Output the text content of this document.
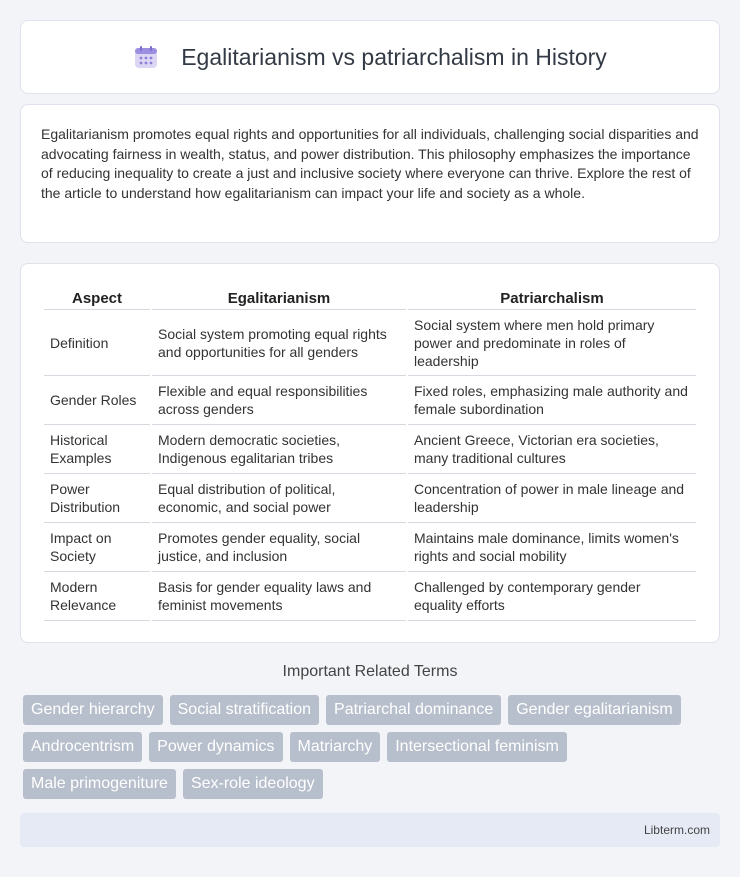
Egalitarianism vs patriarchalism in History

Egalitarianism promotes equal rights and opportunities for all individuals, challenging social disparities and advocating fairness in wealth, status, and power distribution. This philosophy emphasizes the importance of reducing inequality to create a just and inclusive society where everyone can thrive. Explore the rest of the article to understand how egalitarianism can impact your life and society as a whole.

Aspect	Egalitarianism	Patriarchalism
Definition	Social system promoting equal rights and opportunities for all genders	Social system where men hold primary power and predominate in roles of leadership
Gender Roles	Flexible and equal responsibilities across genders	Fixed roles, emphasizing male authority and female subordination
Historical Examples	Modern democratic societies, Indigenous egalitarian tribes	Ancient Greece, Victorian era societies, many traditional cultures
Power Distribution	Equal distribution of political, economic, and social power	Concentration of power in male lineage and leadership
Impact on Society	Promotes gender equality, social justice, and inclusion	Maintains male dominance, limits women's rights and social mobility
Modern Relevance	Basis for gender equality laws and feminist movements	Challenged by contemporary gender equality efforts
Important Related Terms
Gender hierarchy	Social stratification	Patriarchal dominance	Gender egalitarianism
Androcentrism	Power dynamics	Matriarchy	Intersectional feminism
Male primogeniture	Sex-role ideology
Libterm.com
